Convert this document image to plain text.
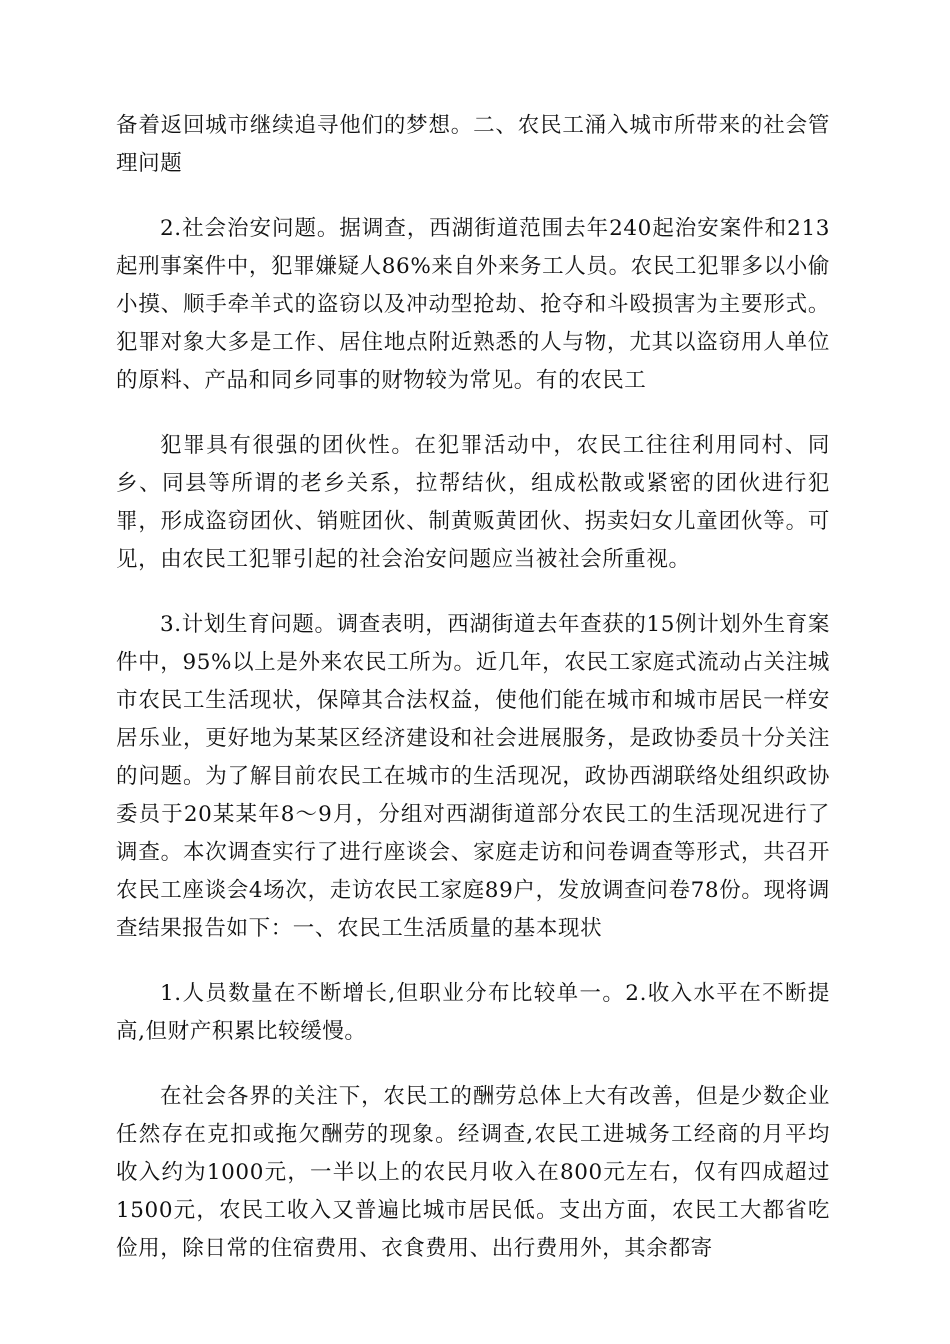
备着返回城市继续追寻他们的梦想。二、农民工涌入城市所带来的社会管理问题

2.社会治安问题。据调查，西湖街道范围去年240起治安案件和213起刑事案件中，犯罪嫌疑人86%来自外来务工人员。农民工犯罪多以小偷小摸、顺手牵羊式的盗窃以及冲动型抢劫、抢夺和斗殴损害为主要形式。犯罪对象大多是工作、居住地点附近熟悉的人与物，尤其以盗窃用人单位的原料、产品和同乡同事的财物较为常见。有的农民工

犯罪具有很强的团伙性。在犯罪活动中，农民工往往利用同村、同乡、同县等所谓的老乡关系，拉帮结伙，组成松散或紧密的团伙进行犯罪，形成盗窃团伙、销赃团伙、制黄贩黄团伙、拐卖妇女儿童团伙等。可见，由农民工犯罪引起的社会治安问题应当被社会所重视。

3.计划生育问题。调查表明，西湖街道去年查获的15例计划外生育案件中，95%以上是外来农民工所为。近几年，农民工家庭式流动占关注城市农民工生活现状，保障其合法权益，使他们能在城市和城市居民一样安居乐业，更好地为某某区经济建设和社会进展服务，是政协委员十分关注的问题。为了解目前农民工在城市的生活现况，政协西湖联络处组织政协委员于20某某年8～9月，分组对西湖街道部分农民工的生活现况进行了调查。本次调查实行了进行座谈会、家庭走访和问卷调查等形式，共召开农民工座谈会4场次，走访农民工家庭89户，发放调查问卷78份。现将调查结果报告如下：一、农民工生活质量的基本现状

1.人员数量在不断增长,但职业分布比较单一。2.收入水平在不断提高,但财产积累比较缓慢。

在社会各界的关注下，农民工的酬劳总体上大有改善，但是少数企业任然存在克扣或拖欠酬劳的现象。经调查,农民工进城务工经商的月平均收入约为1000元，一半以上的农民月收入在800元左右，仅有四成超过1500元，农民工收入又普遍比城市居民低。支出方面，农民工大都省吃俭用，除日常的住宿费用、衣食费用、出行费用外，其余都寄
